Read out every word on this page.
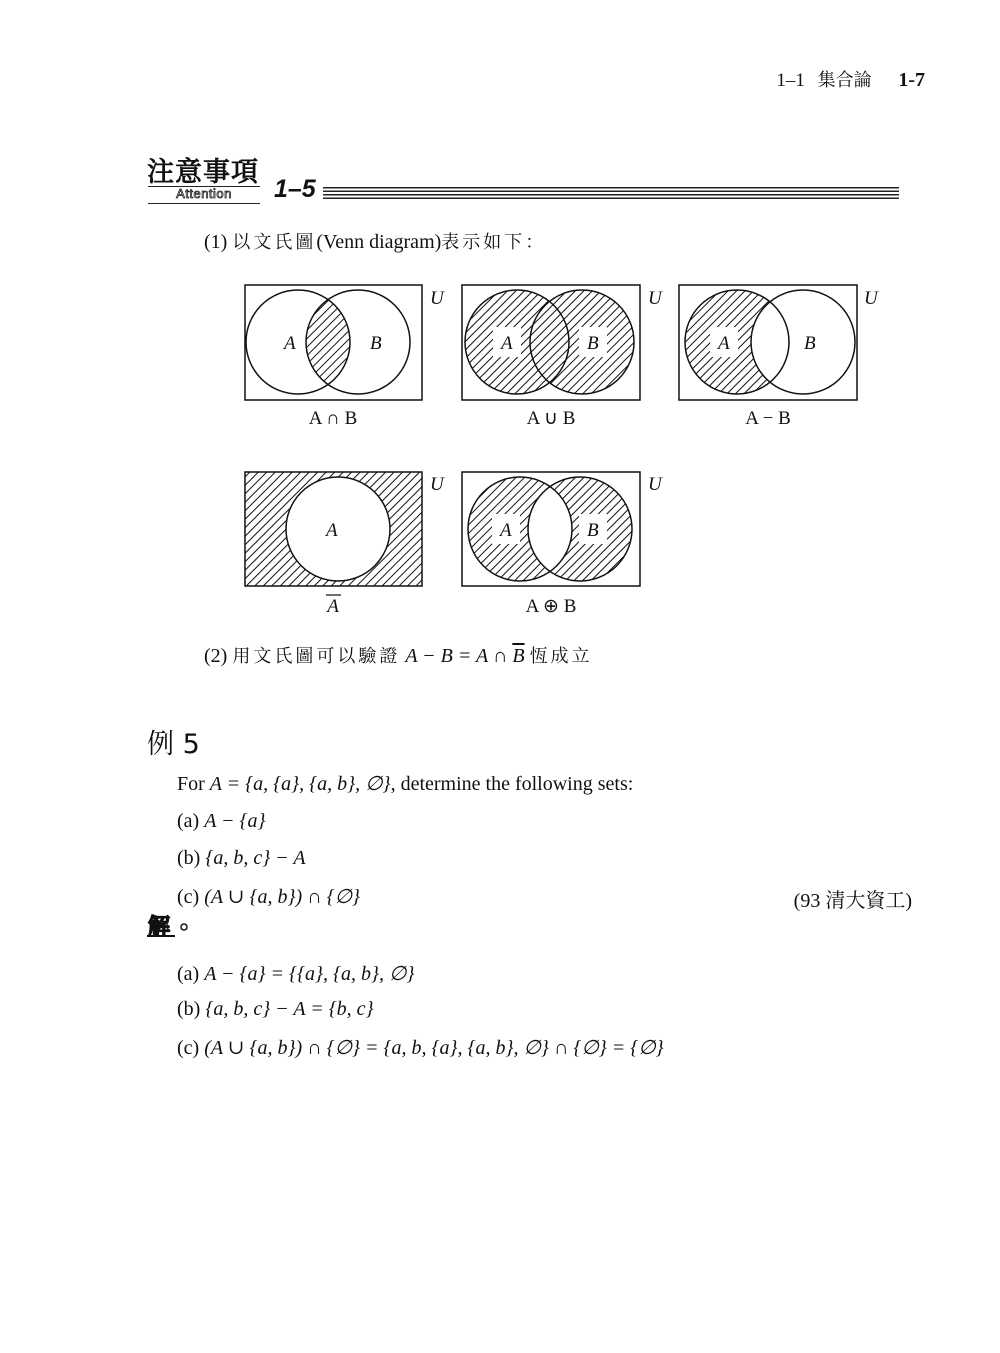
1–1 集合論 1-7
注意事項
Attention	1–5
(1) 以文氏圖(Venn diagram)表示如下：
A	B
U
A ∩ B
A	B
U
A ∪ B
A	B
U
A − B
A
U
A
A	B
U
A ⊕ B
(2) 用文氏圖可以驗證 A − B = A ∩ $\overline{B}$ 恆成立
例 5
For A = {a, {a}, {a, b}, ∅}, determine the following sets:
(a) A − {a}
(b) {a, b, c} − A
(c) (A ∪ {a, b}) ∩ {∅}	(93 清大資工)
解
(a) A − {a} = {{a}, {a, b}, ∅}
(b) {a, b, c} − A = {b, c}
(c) (A ∪ {a, b}) ∩ {∅} = {a, b, {a}, {a, b}, ∅} ∩ {∅} = {∅}
